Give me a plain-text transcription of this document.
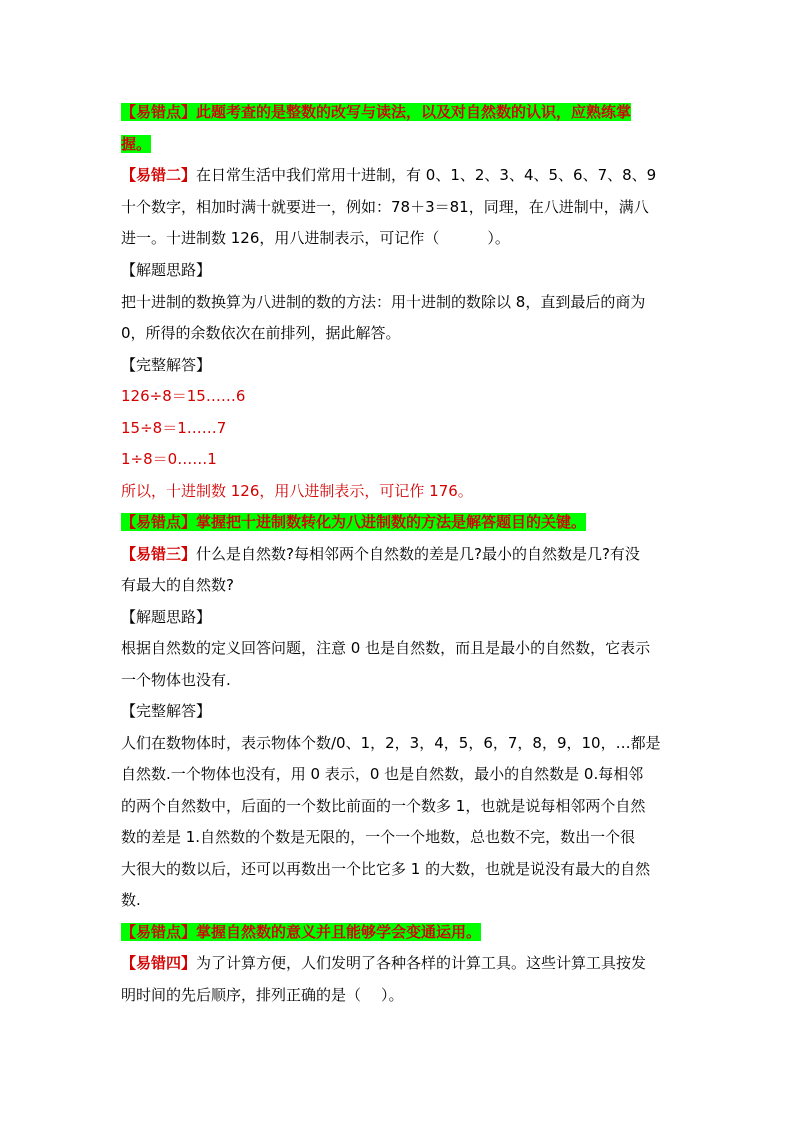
【易错点】此题考查的是整数的改写与读法，以及对自然数的认识，应熟练掌
握。
【易错二】在日常生活中我们常用十进制，有 0、1、2、3、4、5、6、7、8、9
十个数字，相加时满十就要进一，例如：78＋3＝81，同理，在八进制中，满八
进一。十进制数 126，用八进制表示，可记作（	）。
【解题思路】
把十进制的数换算为八进制的数的方法：用十进制的数除以 8，直到最后的商为
0，所得的余数依次在前排列，据此解答。
【完整解答】
126÷8＝15……6
15÷8＝1……7
1÷8＝0……1
所以，十进制数 126，用八进制表示，可记作 176。
【易错点】掌握把十进制数转化为八进制数的方法是解答题目的关键。
【易错三】什么是自然数?每相邻两个自然数的差是几?最小的自然数是几?有没
有最大的自然数?
【解题思路】
根据自然数的定义回答问题，注意 0 也是自然数，而且是最小的自然数，它表示
一个物体也没有.
【完整解答】
人们在数物体时，表示物体个数/0、1，2，3，4，5，6，7，8，9，10，…都是
自然数.一个物体也没有，用 0 表示，0 也是自然数，最小的自然数是 0.每相邻
的两个自然数中，后面的一个数比前面的一个数多 1，也就是说每相邻两个自然
数的差是 1.自然数的个数是无限的，一个一个地数，总也数不完，数出一个很
大很大的数以后，还可以再数出一个比它多 1 的大数，也就是说没有最大的自然
数.
【易错点】掌握自然数的意义并且能够学会变通运用。
【易错四】为了计算方便，人们发明了各种各样的计算工具。这些计算工具按发
明时间的先后顺序，排列正确的是（ ）。
